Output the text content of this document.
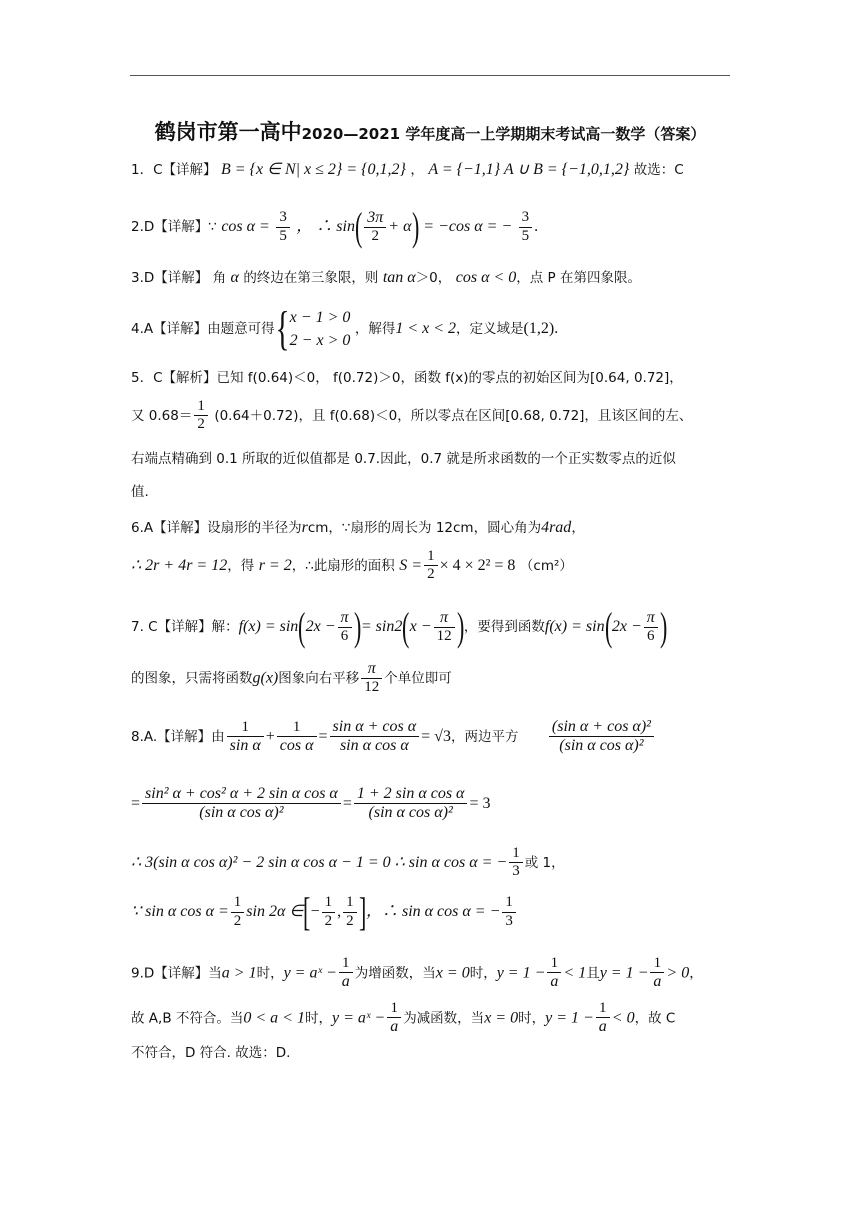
鹤岗市第一高中2020—2021 学年度高一上学期期末考试高一数学（答案）
1．C【详解】 B = {x ∈ N| x ≤ 2} = {0,1,2} ， A = {−1,1} A ∪ B = {−1,0,1,2} 故选：C
2.D【详解】∵ $\cos \alpha = \frac{3}{5}$ ， ∴ $\sin( \frac{3\pi}{2} + \alpha) = -\cos$ α = − $\frac{3}{5}$ .
3.D【详解】 角 α 的终边在第三象限，则 tan α＞0， cos α < 0，点 P 在第四象限。
4.A【详解】由题意可得{ x − 1 > 0
2 − x > 0
，解得1 < x < 2，定义域是(1,2).
5．C【解析】已知 f(0.64)＜0， f(0.72)＞0，函数 f(x)的零点的初始区间为[0.64, 0.72]，
又 $0.68= \frac{1}{2} (0.64+0.72)$，且 f(0.68)＜0，所以零点在区间[0.68, 0.72]，且该区间的左、
右端点精确到 0.1 所取的近似值都是 0.7.因此，0.7 就是所求函数的一个正实数零点的近似
值.
6.A【详解】设扇形的半径为rcm，∵扇形的周长为 12cm，圆心角为4rad，
∴ 2r + 4r = 12，得 r = 2，∴此扇形的面积 $S = \frac{1}{2} \times 4 \times 2^2 = 8$ （cm²）
7. C【详解】解：$f(x) = \sin(2x - \frac{\pi}{6}$ )= $\sin 2(x - \frac{\pi}{12}$ )，要得到函数$f(x) = \sin(2x - \frac{\pi}{6}$ )
的图象，只需将函数g(x)图象向右平移 $\frac{\pi}{12}$ 个单位即可
8.A.【详解】由 $\frac{1}{\text{sin α}} + \frac{1}{\text{cos α}} = \frac{\text{sin α + cos α}}{\text{sin α cos α}} = √3$，两边平方 $\frac{\text{(sin α + cos α)²}}{\text{(sin α cos α)²}}$
= $\frac{\text{sin² α + cos² α + 2 sin α cos α}}{\text{(sin α cos α)²}} = \frac{\text{1 + 2 sin α cos α}}{\text{(sin α cos α)²}} = 3$
∴ 3(sin α cos α)² − 2 sin α cos α − 1 = 0 ∴ sin α cos α = − $\frac{1}{3}$ 或 1，
∵ sin α $\cos \alpha = \frac{1}{2}$ sin 2α ∈[− $\frac{1}{2}$ , $\frac{1}{2}$ ]，∴ sin α cos α = − $\frac{1}{3}$
9.D【详解】当a > 1时，y = aˣ − $\frac{1}{a}$ 为增函数，当x = 0时，$y = 1 - \frac{1}{a} < 1$且$y = 1 - \frac{1}{a} > 0$，
故 A,B 不符合。当0 < a < 1时，y = aˣ − $\frac{1}{a}$ 为减函数，当x = 0时，$y = 1 - \frac{1}{a} < 0$，故 C
不符合，D 符合. 故选：D.
